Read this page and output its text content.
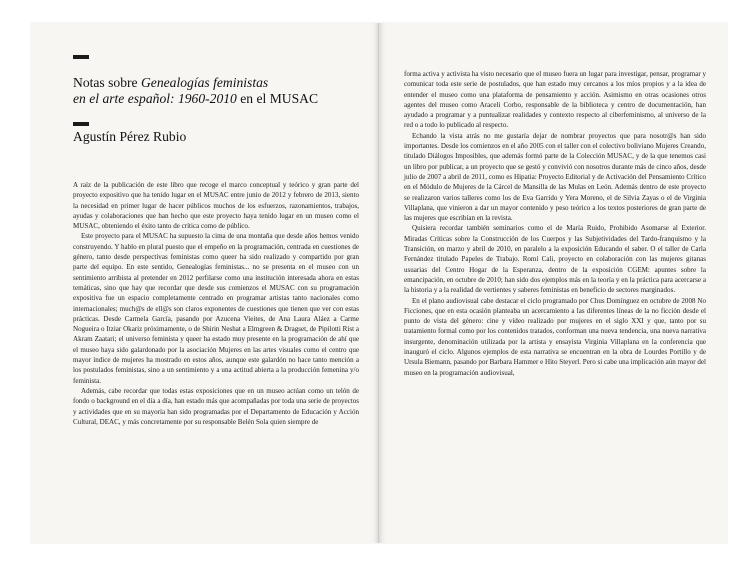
Notas sobre Genealogías feministas
en el arte español: 1960-2010 en el MUSAC
Agustín Pérez Rubio

A raíz de la publicación de este libro que recoge el marco conceptual y teórico y gran parte del proyecto expositivo que ha tenido lugar en el MUSAC entre junio de 2012 y febrero de 2013, siento la necesidad en primer lugar de hacer públicos muchos de los esfuerzos, razonamientos, trabajos, ayudas y colaboraciones que han hecho que este proyecto haya tenido lugar en un museo como el MUSAC, obteniendo el éxito tanto de crítica como de público.

Este proyecto para el MUSAC ha supuesto la cima de una montaña que desde años hemos venido construyendo. Y hablo en plural puesto que el empeño en la programación, centrada en cuestiones de género, tanto desde perspectivas feministas como queer ha sido realizado y compartido por gran parte del equipo. En este sentido, Genealogías feministas... no se presenta en el museo con un sentimiento arribista al pretender en 2012 perfilarse como una institución interesada ahora en estas temáticas, sino que hay que recordar que desde sus comienzos el MUSAC con su programación expositiva fue un espacio completamente centrado en programar artistas tanto nacionales como internacionales; much@s de ell@s son claros exponentes de cuestiones que tienen que ver con estas prácticas. Desde Carmela García, pasando por Azucena Vieites, de Ana Laura Aláez a Carme Nogueira o Itziar Okariz próximamente, o de Shirin Neshat a Elmgreen & Dragset, de Pipilotti Rist a Akram Zaatari; el universo feminista y queer ha estado muy presente en la programación de ahí que el museo haya sido galardonado por la asociación Mujeres en las artes visuales como el centro que mayor índice de mujeres ha mostrado en estos años, aunque este galardón no hace tanto mención a los postulados feministas, sino a un sentimiento y a una actitud abierta a la producción femenina y/o feminista.

Además, cabe recordar que todas estas exposiciones que en un museo actúan como un telón de fondo o background en el día a día, han estado más que acompañadas por toda una serie de proyectos y actividades que en su mayoría han sido programadas por el Departamento de Educación y Acción Cultural, DEAC, y más concretamente por su responsable Belén Sola quien siempre de

forma activa y activista ha visto necesario que el museo fuera un lugar para investigar, pensar, programar y comunicar toda este serie de postulados, que han estado muy cercanos a los míos propios y a la idea de entender el museo como una plataforma de pensamiento y acción. Asimismo en otras ocasiones otros agentes del museo como Araceli Corbo, responsable de la biblioteca y centro de documentación, han ayudado a programar y a puntualizar realidades y contexto respecto al ciberfeminismo, al universo de la red o a todo lo publicado al respecto.

Echando la vista atrás no me gustaría dejar de nombrar proyectos que para nosotr@s han sido importantes. Desde los comienzos en el año 2005 con el taller con el colectivo boliviano Mujeres Creando, titulado Diálogos Imposibles, que además formó parte de la Colección MUSAC, y de la que tenemos casi un libro por publicar, a un proyecto que se gestó y convivió con nosotros durante más de cinco años, desde julio de 2007 a abril de 2011, como es Hipatia: Proyecto Editorial y de Activación del Pensamiento Crítico en el Módulo de Mujeres de la Cárcel de Mansilla de las Mulas en León. Además dentro de este proyecto se realizaron varios talleres como los de Eva Garrido y Yera Moreno, el de Silvia Zayas o el de Virginia Villaplana, que vinieron a dar un mayor contenido y peso teórico a los textos posteriores de gran parte de las mujeres que escribían en la revista.

Quisiera recordar también seminarios como el de María Ruido, Prohibido Asomarse al Exterior. Miradas Críticas sobre la Construcción de los Cuerpos y las Subjetividades del Tardo-franquismo y la Transición, en marzo y abril de 2010, en paralelo a la exposición Educando el saber. O el taller de Carla Fernández titulado Papeles de Trabajo. Romí Cali, proyecto en colaboración con las mujeres gitanas usuarias del Centro Hogar de la Esperanza, dentro de la exposición CGEM: apuntes sobre la emancipación, en octubre de 2010; han sido dos ejemplos más en la teoría y en la práctica para acercarse a la historia y a la realidad de vertientes y saberes feministas en beneficio de sectores marginados.

En el plano audiovisual cabe destacar el ciclo programado por Chus Domínguez en octubre de 2008 No Ficciones, que en esta ocasión planteaba un acercamiento a las diferentes líneas de la no ficción desde el punto de vista del género: cine y vídeo realizado por mujeres en el siglo XXI y que, tanto por su tratamiento formal como por los contenidos tratados, conforman una nueva tendencia, una nueva narrativa insurgente, denominación utilizada por la artista y ensayista Virginia Villaplana en la conferencia que inauguró el ciclo. Algunos ejemplos de esta narrativa se encuentran en la obra de Lourdes Portillo y de Ursula Biemann, pasando por Barbara Hammer e Hito Steyerl. Pero si cabe una implicación aún mayor del museo en la programación audiovisual,
